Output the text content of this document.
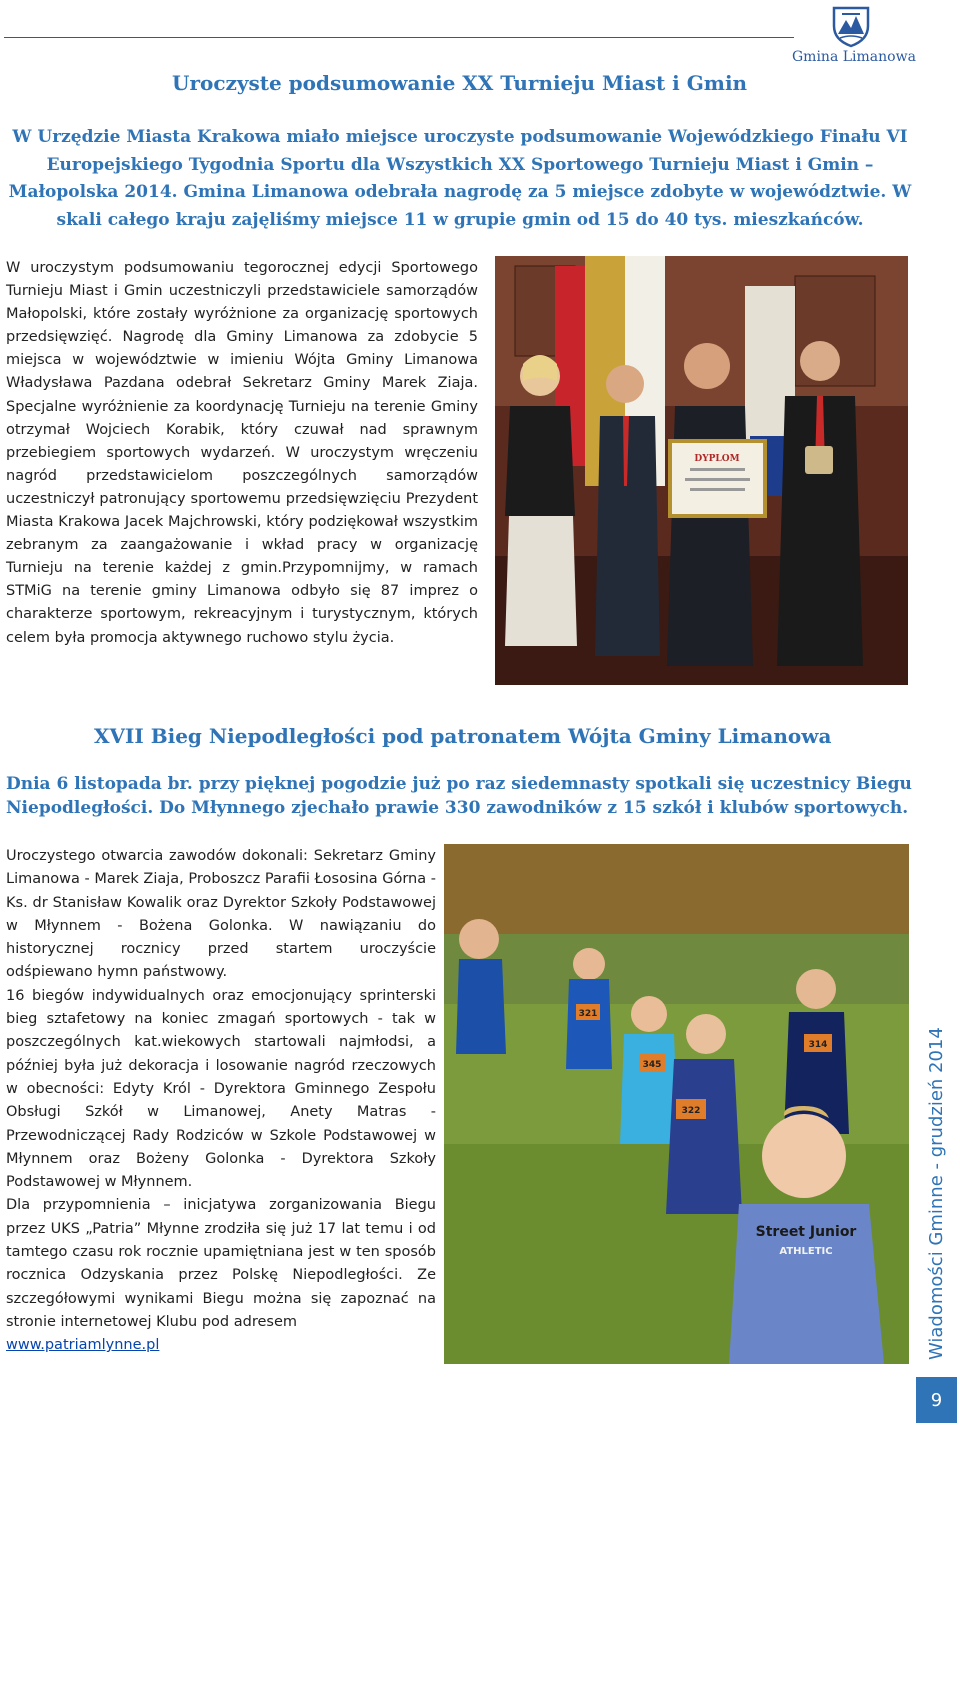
Gmina Limanowa
Uroczyste podsumowanie XX Turnieju Miast i Gmin
W Urzędzie Miasta Krakowa miało miejsce uroczyste podsumowanie Wojewódzkiego Finału VI Europejskiego Tygodnia Sportu dla Wszystkich XX Sportowego Turnieju Miast i Gmin – Małopolska 2014. Gmina Limanowa odebrała nagrodę za 5 miejsce zdobyte w województwie. W skali całego kraju zajęliśmy miejsce 11 w grupie gmin od 15 do 40 tys. mieszkańców.
W uroczystym podsumowaniu tegorocznej edycji Sportowego Turnieju Miast i Gmin uczestniczyli przedstawiciele samorządów Małopolski, które zostały wyróżnione za organizację sportowych przedsięwzięć. Nagrodę dla Gminy Limanowa za zdobycie 5 miejsca w województwie w imieniu Wójta Gminy Limanowa Władysława Pazdana odebrał Sekretarz Gminy Marek Ziaja. Specjalne wyróżnienie za koordynację Turnieju na terenie Gminy otrzymał Wojciech Korabik, który czuwał nad sprawnym przebiegiem sportowych wydarzeń. W uroczystym wręczeniu nagród przedstawicielom poszczególnych samorządów uczestniczył patronujący sportowemu przedsięwzięciu Prezydent Miasta Krakowa Jacek Majchrowski, który podziękował wszystkim zebranym za zaangażowanie i wkład pracy w organizację Turnieju na terenie każdej z gmin.Przypomnijmy, w ramach STMiG na terenie gminy Limanowa odbyło się 87 imprez o charakterze sportowym, rekreacyjnym i turystycznym, których celem była promocja aktywnego ruchowo stylu życia.
DYPLOM
XVII Bieg Niepodległości pod patronatem Wójta Gminy Limanowa
Dnia 6 listopada br. przy pięknej pogodzie już po raz siedemnasty spotkali się uczestnicy Biegu Niepodległości. Do Młynnego zjechało prawie 330 zawodników z 15 szkół i klubów sportowych.
Uroczystego otwarcia zawodów dokonali: Sekretarz Gminy Limanowa - Marek Ziaja, Proboszcz Parafii Łososina Górna - Ks. dr Stanisław Kowalik oraz Dyrektor Szkoły Podstawowej w Młynnem - Bożena Golonka. W nawiązaniu do historycznej rocznicy przed startem uroczyście odśpiewano hymn państwowy.
16 biegów indywidualnych oraz emocjonujący sprinterski bieg sztafetowy na koniec zmagań sportowych - tak w poszczególnych kat.wiekowych startowali najmłodsi, a później była już dekoracja i losowanie nagród rzeczowych w obecności: Edyty Król - Dyrektora Gminnego Zespołu Obsługi Szkół w Limanowej, Anety Matras - Przewodniczącej Rady Rodziców w Szkole Podstawowej w Młynnem oraz Bożeny Golonka - Dyrektora Szkoły Podstawowej w Młynnem.
Dla przypomnienia – inicjatywa zorganizowania Biegu przez UKS „Patria” Młynne zrodziła się już 17 lat temu i od tamtego czasu rok rocznie upamiętniana jest w ten sposób rocznica Odzyskania przez Polskę Niepodległości. Ze szczegółowymi wynikami Biegu można się zapoznać na stronie internetowej Klubu pod adresem
www.patriamlynne.pl
321
345
314
322
Street Junior
ATHLETIC	Wiadomości Gminne - grudzień 2014
9
